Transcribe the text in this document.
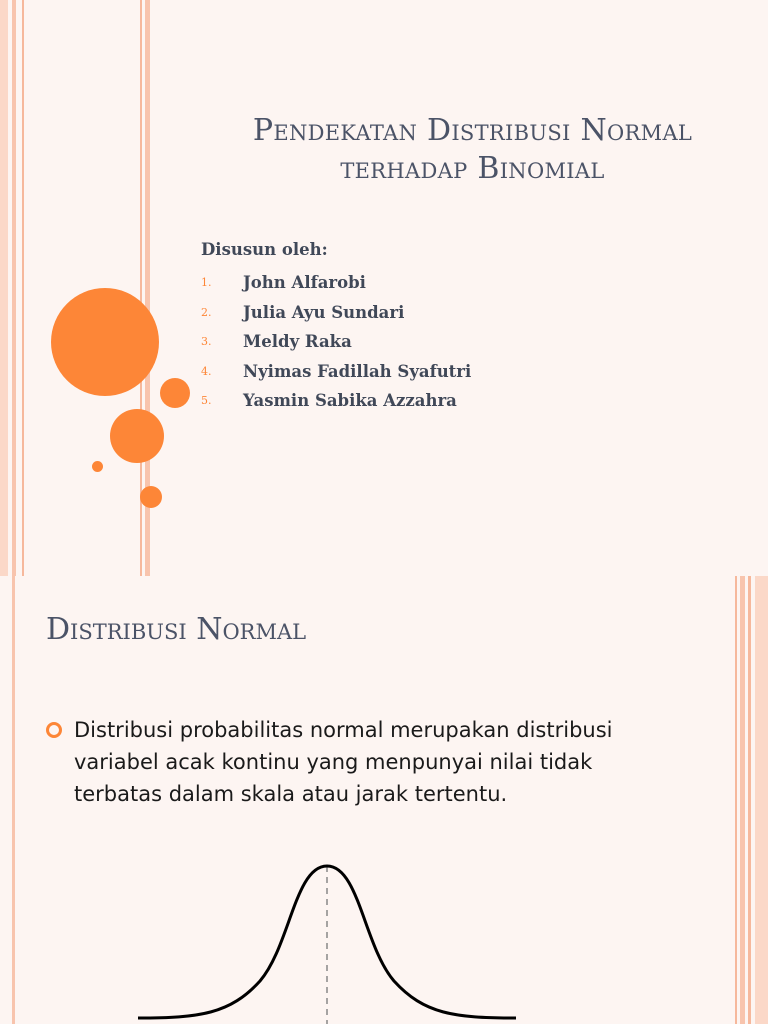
Pendekatan Distribusi Normal terhadap Binomial
Disusun oleh:
1.	John Alfarobi
2.	Julia Ayu Sundari
3.	Meldy Raka
4.	Nyimas Fadillah Syafutri
5.	Yasmin Sabika Azzahra
Distribusi Normal

Distribusi probabilitas normal merupakan distribusi variabel acak kontinu yang menpunyai nilai tidak terbatas dalam skala atau jarak tertentu.
